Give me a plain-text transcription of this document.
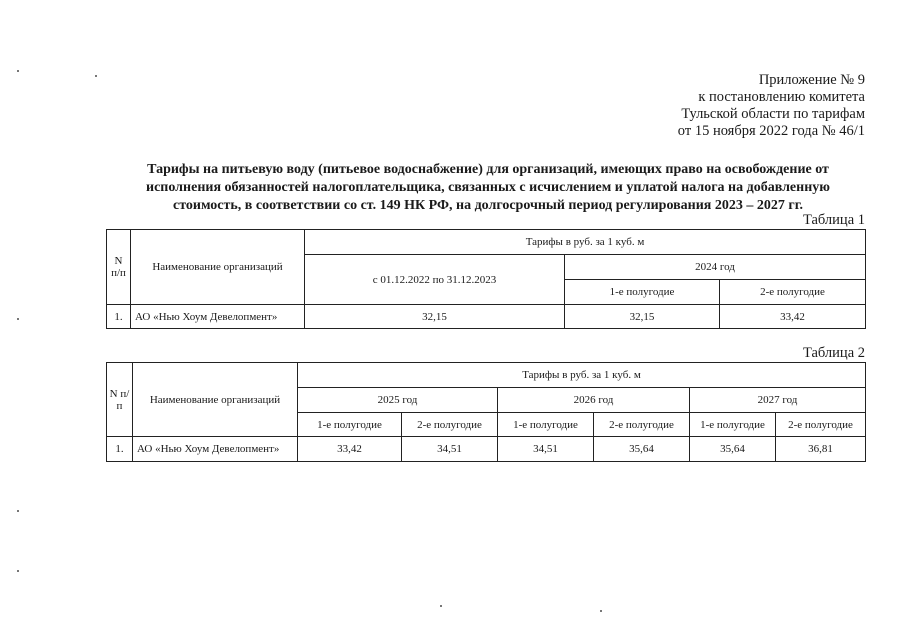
Приложение № 9
к постановлению комитета
Тульской области по тарифам
от 15 ноября 2022 года № 46/1
Тарифы на питьевую воду (питьевое водоснабжение) для организаций, имеющих право на освобождение от
исполнения обязанностей налогоплательщика, связанных с исчислением и уплатой налога на добавленную
стоимость, в соответствии со ст. 149 НК РФ, на долгосрочный период регулирования 2023 – 2027 гг.
Таблица 1
N п/п	Наименование организаций	Тарифы в руб. за 1 куб. м		
		с 01.12.2022 по 31.12.2023	2024 год	
			1-е полугодие	2-е полугодие
1.	АО «Нью Хоум Девелопмент»	32,15	32,15	33,42
Таблица 2
N п/п	Наименование организаций	Тарифы в руб. за 1 куб. м					
		2025 год		2026 год		2027 год	
		1-е полугодие	2-е полугодие	1-е полугодие	2-е полугодие	1-е полугодие	2-е полугодие
1.	АО «Нью Хоум Девелопмент»	33,42	34,51	34,51	35,64	35,64	36,81
